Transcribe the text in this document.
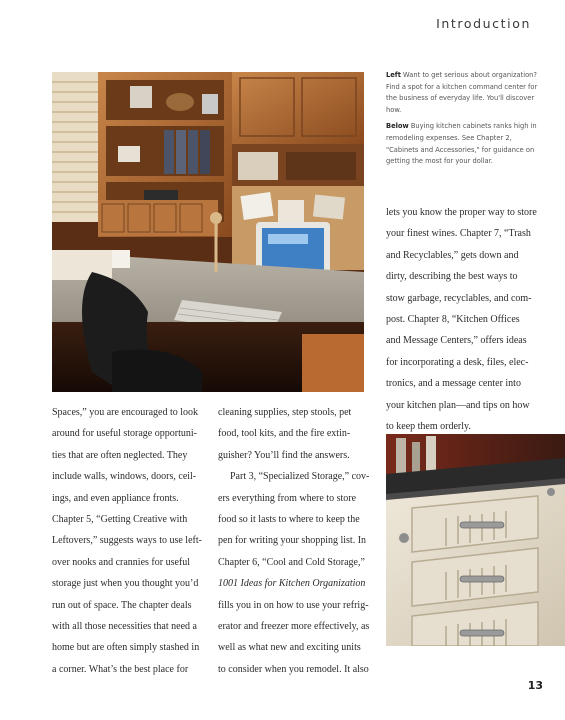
Introduction

Left Want to get serious about organization? Find a spot for a kitchen command center for the business of everyday life. You'll discover how.

Below Buying kitchen cabinets ranks high in remodeling expenses. See Chapter 2, "Cabinets and Accessories," for guidance on getting the most for your dollar.

lets you know the proper way to store
your finest wines. Chapter 7, “Trash
and Recyclables,” gets down and
dirty, describing the best ways to
stow garbage, recyclables, and com-
post. Chapter 8, “Kitchen Offices
and Message Centers,” offers ideas
for incorporating a desk, files, elec-
tronics, and a message center into
your kitchen plan—and tips on how
to keep them orderly.
Spaces,” you are encouraged to look
around for useful storage opportuni-
ties that are often neglected. They
include walls, windows, doors, ceil-
ings, and even appliance fronts.
Chapter 5, “Getting Creative with
Leftovers,” suggests ways to use left-
over nooks and crannies for useful
storage just when you thought you’d
run out of space. The chapter deals
with all those necessities that need a
home but are often simply stashed in
a corner. What’s the best place for
cleaning supplies, step stools, pet
food, tool kits, and the fire extin-
guisher? You’ll find the answers.
Part 3, “Specialized Storage,” cov-
ers everything from where to store
food so it lasts to where to keep the
pen for writing your shopping list. In
Chapter 6, “Cool and Cold Storage,”
1001 Ideas for Kitchen Organization
fills you in on how to use your refrig-
erator and freezer more effectively, as
well as what new and exciting units
to consider when you remodel. It also
13
